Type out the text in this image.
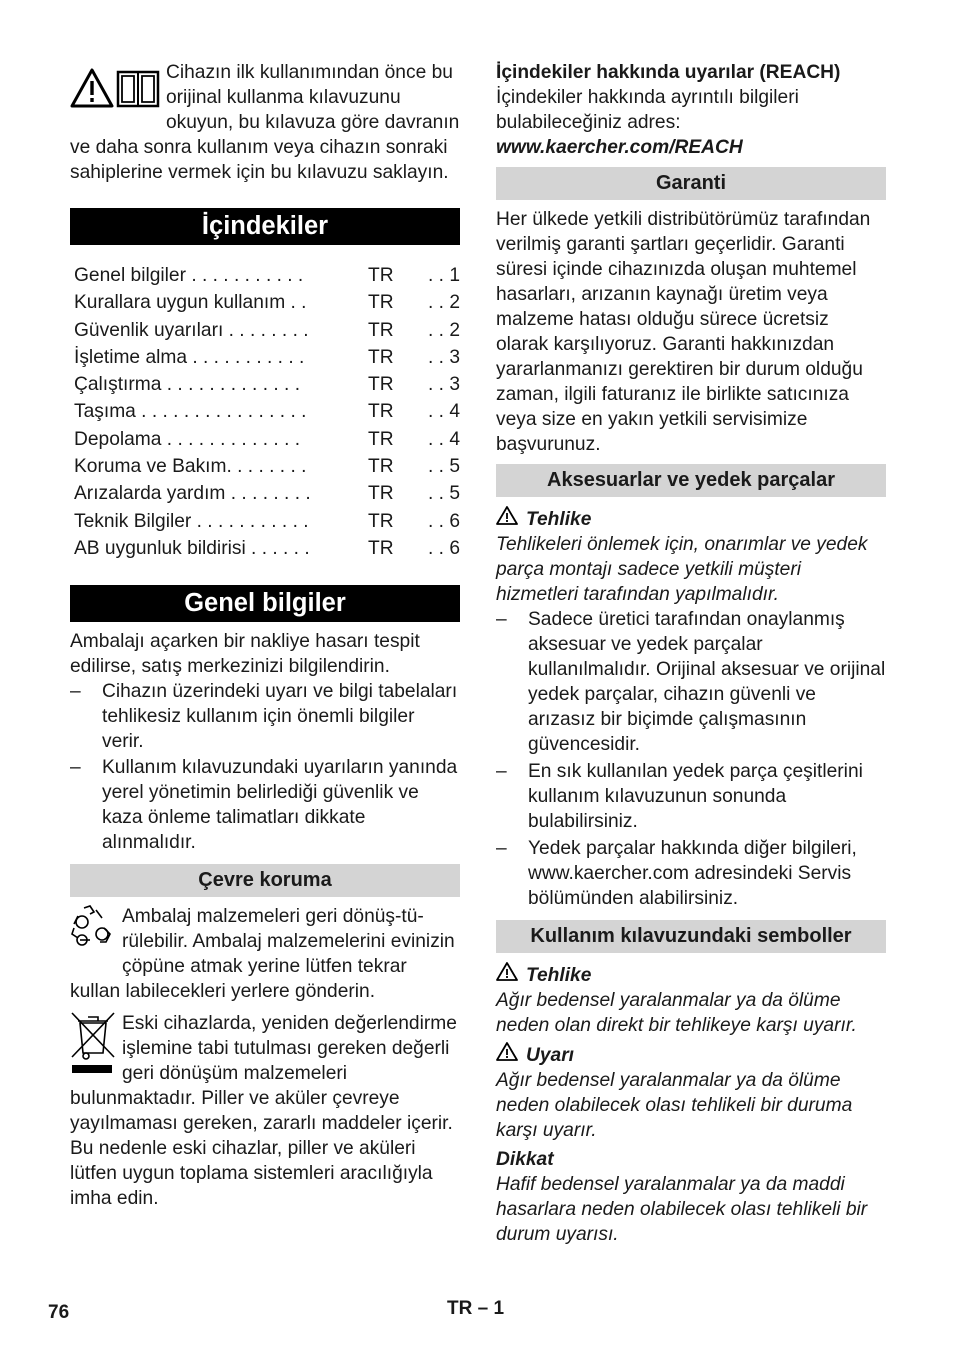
Cihazın ilk kullanımından önce bu orijinal kullanma kılavuzunu okuyun, bu kılavuza göre davranın ve daha sonra kullanım veya cihazın sonraki sahiplerine vermek için bu kılavuzu saklayın.

İçindekiler
Genel bilgiler . . . . . . . . . . .	TR	. . 1
Kurallara uygun kullanım . .	TR	. . 2
Güvenlik uyarıları . . . . . . . .	TR	. . 2
İşletime alma . . . . . . . . . . .	TR	. . 3
Çalıştırma . . . . . . . . . . . . .	TR	. . 3
Taşıma . . . . . . . . . . . . . . . .	TR	. . 4
Depolama . . . . . . . . . . . . .	TR	. . 4
Koruma ve Bakım. . . . . . . .	TR	. . 5
Arızalarda yardım . . . . . . . .	TR	. . 5
Teknik Bilgiler . . . . . . . . . . .	TR	. . 6
AB uygunluk bildirisi . . . . . .	TR	. . 6
Genel bilgiler

Ambalajı açarken bir nakliye hasarı tespit edilirse, satış merkezinizi bilgilendirin.

– Cihazın üzerindeki uyarı ve bilgi tabelaları tehlikesiz kullanım için önemli bilgiler verir.
– Kullanım kılavuzundaki uyarıların yanında yerel yönetimin belirlediği güvenlik ve kaza önleme talimatları dikkate alınmalıdır.
Çevre koruma

Ambalaj malzemeleri geri dönüş-tü-rülebilir. Ambalaj malzemelerini evinizin çöpüne atmak yerine lütfen tekrar kullan labilecekleri yerlere gönderin.

Eski cihazlarda, yeniden değerlendirme işlemine tabi tutulması gereken değerli geri dönüşüm malzemeleri bulunmaktadır. Piller ve aküler çevreye yayılmaması gereken, zararlı maddeler içerir. Bu nedenle eski cihazlar, piller ve aküleri lütfen uygun toplama sistemleri aracılığıyla imha edin.

İçindekiler hakkında uyarılar (REACH)

İçindekiler hakkında ayrıntılı bilgileri bulabileceğiniz adres:

www.kaercher.com/REACH

Garanti

Her ülkede yetkili distribütörümüz tarafından verilmiş garanti şartları geçerlidir. Garanti süresi içinde cihazınızda oluşan muhtemel hasarları, arızanın kaynağı üretim veya malzeme hatası olduğu sürece ücretsiz olarak karşılıyoruz. Garanti hakkınızdan yararlanmanızı gerektiren bir durum olduğu zaman, ilgili faturanız ile birlikte satıcınıza veya size en yakın yetkili servisimize başvurunuz.

Aksesuarlar ve yedek parçalar
Tehlike

Tehlikeleri önlemek için, onarımlar ve yedek parça montajı sadece yetkili müşteri hizmetleri tarafından yapılmalıdır.

– Sadece üretici tarafından onaylanmış aksesuar ve yedek parçalar kullanılmalıdır. Orijinal aksesuar ve orijinal yedek parçalar, cihazın güvenli ve arızasız bir biçimde çalışmasının güvencesidir.
– En sık kullanılan yedek parça çeşitlerini kullanım kılavuzunun sonunda bulabilirsiniz.
– Yedek parçalar hakkında diğer bilgileri, www.kaercher.com adresindeki Servis bölümünden alabilirsiniz.
Kullanım kılavuzundaki semboller
Tehlike

Ağır bedensel yaralanmalar ya da ölüme neden olan direkt bir tehlikeye karşı uyarır.

Uyarı

Ağır bedensel yaralanmalar ya da ölüme neden olabilecek olası tehlikeli bir duruma karşı uyarır.

Dikkat

Hafif bedensel yaralanmalar ya da maddi hasarlara neden olabilecek olası tehlikeli bir durum uyarısı.

76	TR – 1
